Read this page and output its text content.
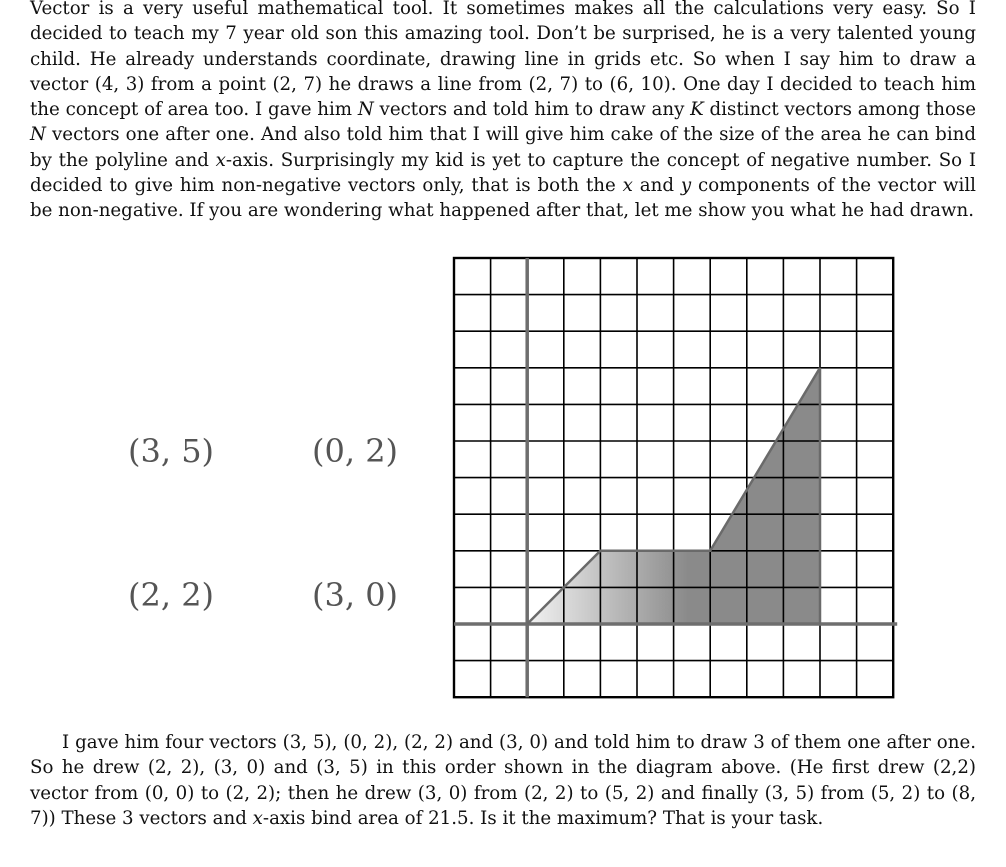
Vector is a very useful mathematical tool. It sometimes makes all the calculations very easy. So I decided to teach my 7 year old son this amazing tool. Don’t be surprised, he is a very talented young child. He already understands coordinate, drawing line in grids etc. So when I say him to draw a vector (4, 3) from a point (2, 7) he draws a line from (2, 7) to (6, 10). One day I decided to teach him the concept of area too. I gave him N vectors and told him to draw any K distinct vectors among those N vectors one after one. And also told him that I will give him cake of the size of the area he can bind by the polyline and x-axis. Surprisingly my kid is yet to capture the concept of negative number. So I decided to give him non-negative vectors only, that is both the x and y components of the vector will be non-negative. If you are wondering what happened after that, let me show you what he had drawn.

(3, 5)	(0, 2)
(2, 2)	(3, 0)

I gave him four vectors (3, 5), (0, 2), (2, 2) and (3, 0) and told him to draw 3 of them one after one. So he drew (2, 2), (3, 0) and (3, 5) in this order shown in the diagram above. (He first drew (2,2) vector from (0, 0) to (2, 2); then he drew (3, 0) from (2, 2) to (5, 2) and finally (3, 5) from (5, 2) to (8, 7)) These 3 vectors and x-axis bind area of 21.5. Is it the maximum? That is your task.
